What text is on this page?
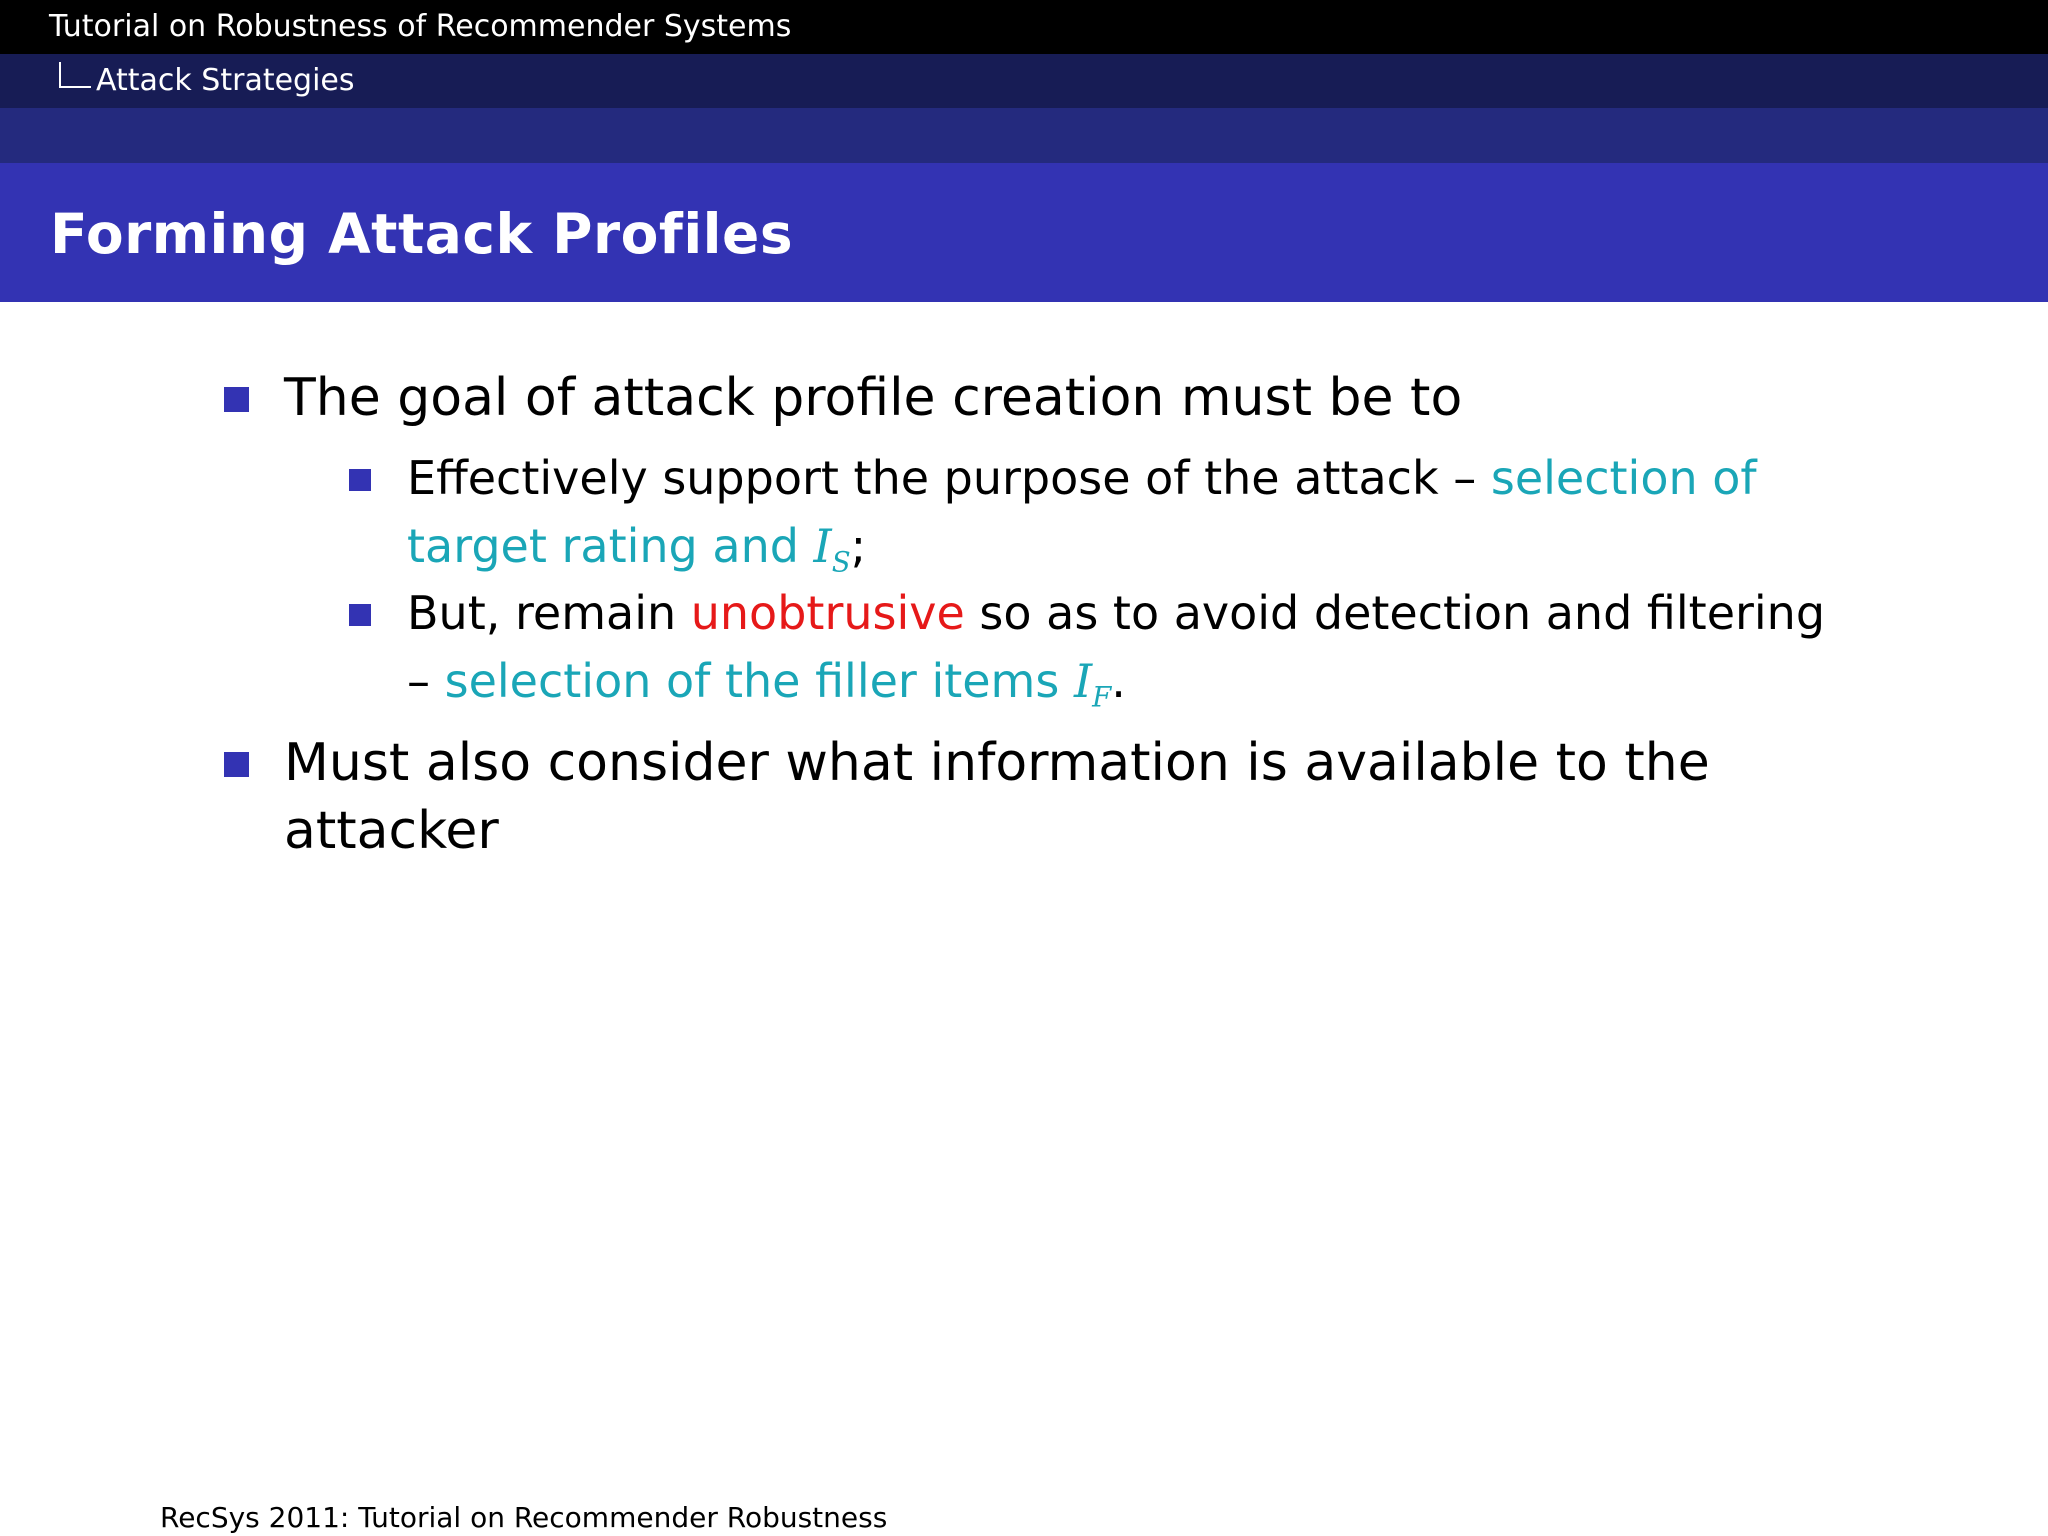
Tutorial on Robustness of Recommender Systems
Attack Strategies
Forming Attack Profiles
The goal of attack profile creation must be to
Effectively support the purpose of the attack – selection of
target rating and $I_S$;
But, remain unobtrusive so as to avoid detection and filtering
– selection of the filler items $I_F$.
Must also consider what information is available to the
attacker
RecSys 2011: Tutorial on Recommender Robustness
